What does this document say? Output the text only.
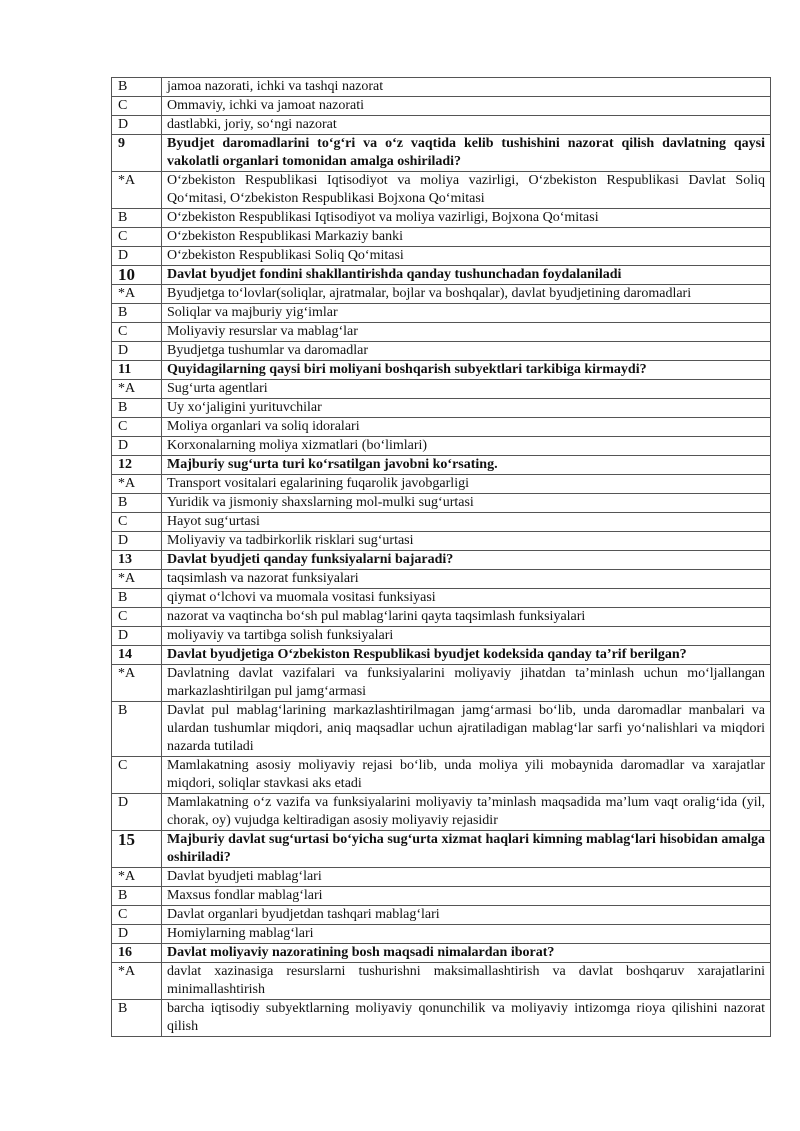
B	jamoa nazorati, ichki va tashqi nazorat
C	Ommaviy, ichki va jamoat nazorati
D	dastlabki, joriy, so‘ngi nazorat
9	Byudjet daromadlarini to‘g‘ri va o‘z vaqtida kelib tushishini nazorat qilish davlatning qaysi vakolatli organlari tomonidan amalga oshiriladi?
*A	O‘zbekiston Respublikasi Iqtisodiyot va moliya vazirligi, O‘zbekiston Respublikasi Davlat Soliq Qo‘mitasi, O‘zbekiston Respublikasi Bojxona Qo‘mitasi
B	O‘zbekiston Respublikasi Iqtisodiyot va moliya vazirligi, Bojxona Qo‘mitasi
C	O‘zbekiston Respublikasi Markaziy banki
D	O‘zbekiston Respublikasi Soliq Qo‘mitasi
10	Davlat byudjet fondini shakllantirishda qanday tushunchadan foydalaniladi
*A	Byudjetga to‘lovlar(soliqlar, ajratmalar, bojlar va boshqalar), davlat byudjetining daromadlari
B	Soliqlar va majburiy yig‘imlar
C	Moliyaviy resurslar va mablag‘lar
D	Byudjetga tushumlar va daromadlar
11	Quyidagilarning qaysi biri moliyani boshqarish subyektlari tarkibiga kirmaydi?
*A	Sug‘urta agentlari
B	Uy xo‘jaligini yurituvchilar
C	Moliya organlari va soliq idoralari
D	Korxonalarning moliya xizmatlari (bo‘limlari)
12	Majburiy sug‘urta turi ko‘rsatilgan javobni ko‘rsating.
*A	Transport vositalari egalarining fuqarolik javobgarligi
B	Yuridik va jismoniy shaxslarning mol-mulki sug‘urtasi
C	Hayot sug‘urtasi
D	Moliyaviy va tadbirkorlik risklari sug‘urtasi
13	Davlat byudjeti qanday funksiyalarni bajaradi?
*A	taqsimlash va nazorat funksiyalari
B	qiymat o‘lchovi va muomala vositasi funksiyasi
C	nazorat va vaqtincha bo‘sh pul mablag‘larini qayta taqsimlash funksiyalari
D	moliyaviy va tartibga solish funksiyalari
14	Davlat byudjetiga O‘zbekiston Respublikasi byudjet kodeksida qanday ta’rif berilgan?
*A	Davlatning davlat vazifalari va funksiyalarini moliyaviy jihatdan ta’minlash uchun mo‘ljallangan markazlashtirilgan pul jamg‘armasi
B	Davlat pul mablag‘larining markazlashtirilmagan jamg‘armasi bo‘lib, unda daromadlar manbalari va ulardan tushumlar miqdori, aniq maqsadlar uchun ajratiladigan mablag‘lar sarfi yo‘nalishlari va miqdori nazarda tutiladi
C	Mamlakatning asosiy moliyaviy rejasi bo‘lib, unda moliya yili mobaynida daromadlar va xarajatlar miqdori, soliqlar stavkasi aks etadi
D	Mamlakatning o‘z vazifa va funksiyalarini moliyaviy ta’minlash maqsadida ma’lum vaqt oralig‘ida (yil, chorak, oy) vujudga keltiradigan asosiy moliyaviy rejasidir
15	Majburiy davlat sug‘urtasi bo‘yicha sug‘urta xizmat haqlari kimning mablag‘lari hisobidan amalga oshiriladi?
*A	Davlat byudjeti mablag‘lari
B	Maxsus fondlar mablag‘lari
C	Davlat organlari byudjetdan tashqari mablag‘lari
D	Homiylarning mablag‘lari
16	Davlat moliyaviy nazoratining bosh maqsadi nimalardan iborat?
*A	davlat xazinasiga resurslarni tushurishni maksimallashtirish va davlat boshqaruv xarajatlarini minimallashtirish
B	barcha iqtisodiy subyektlarning moliyaviy qonunchilik va moliyaviy intizomga rioya qilishini nazorat qilish
